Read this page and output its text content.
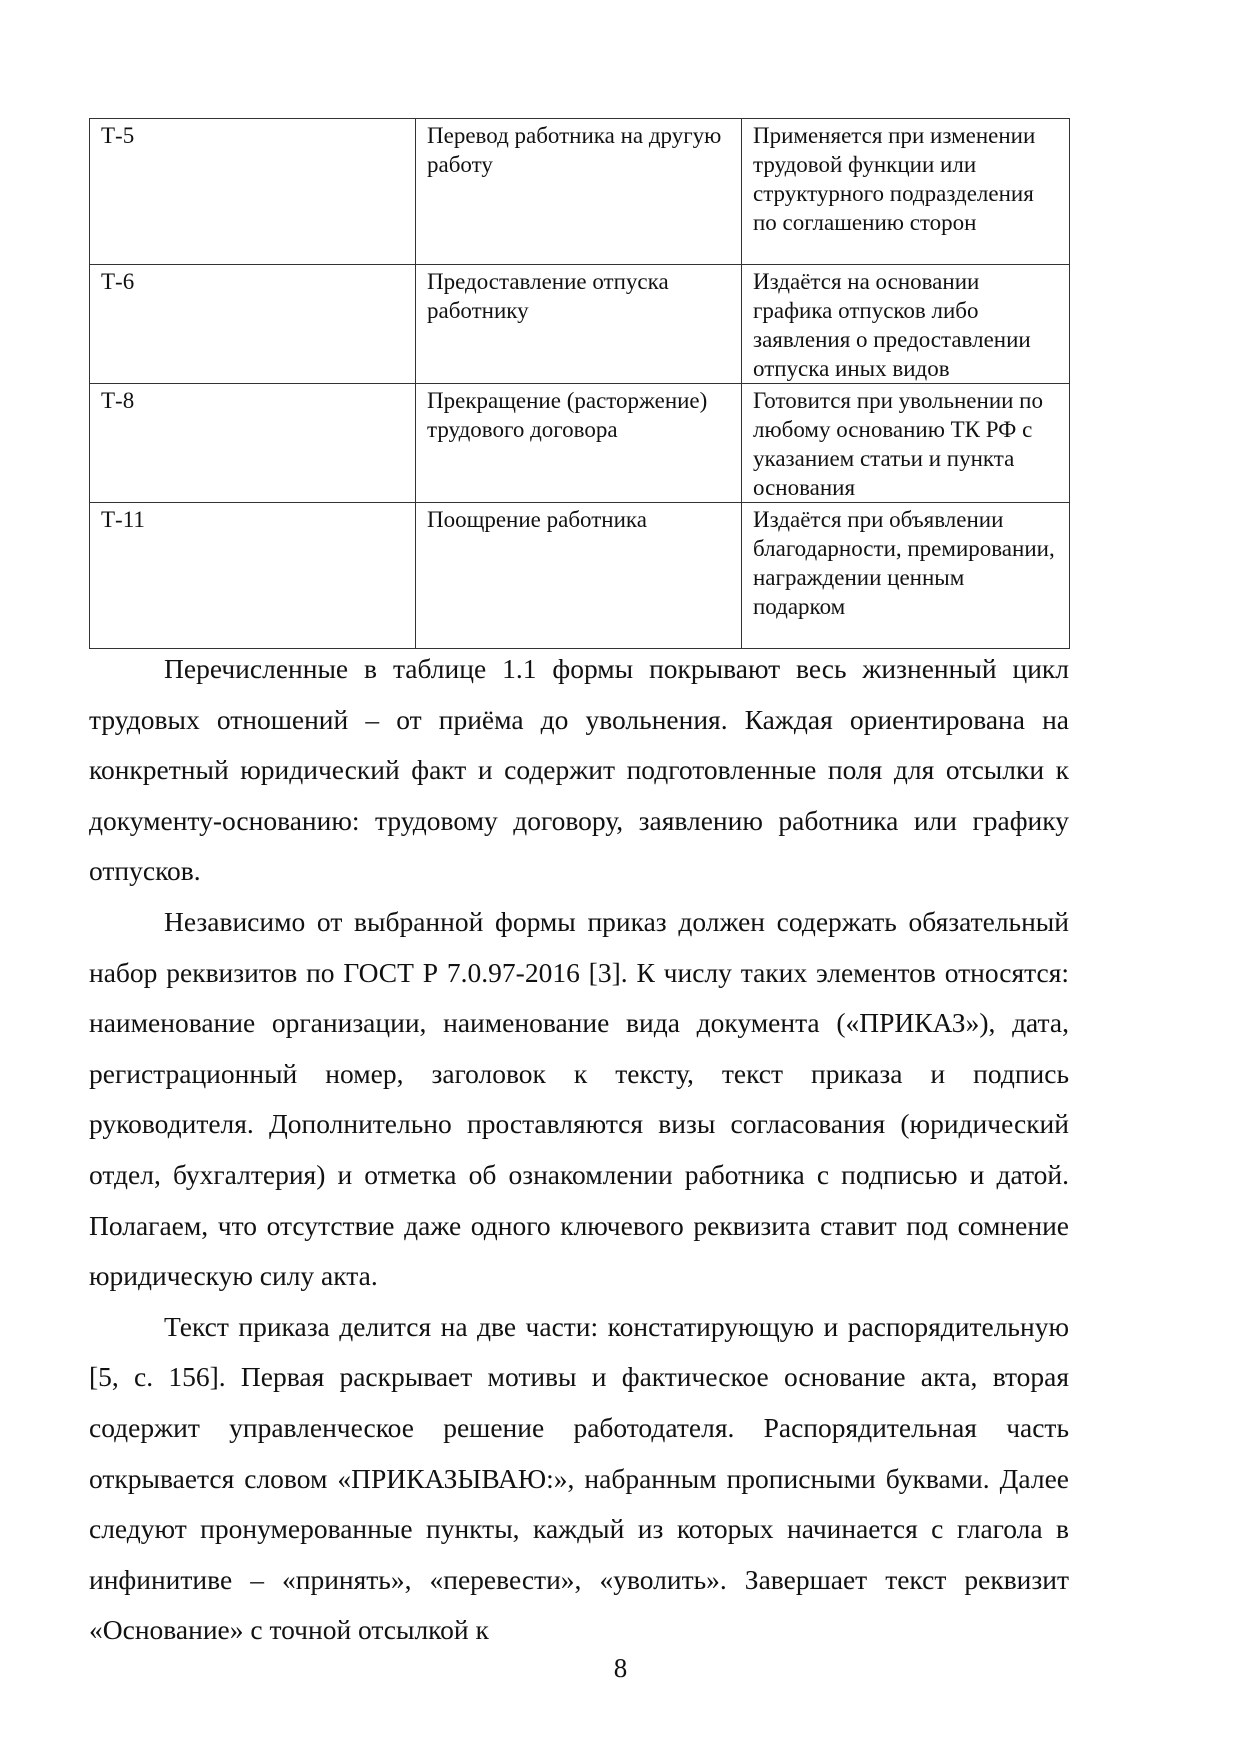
Т-5	Перевод работника на другую работу	Применяется при изменении трудовой функции или структурного подразделения по соглашению сторон
Т-6	Предоставление отпуска работнику	Издаётся на основании графика отпусков либо заявления о предоставлении отпуска иных видов
Т-8	Прекращение (расторжение) трудового договора	Готовится при увольнении по любому основанию ТК РФ с указанием статьи и пункта основания
Т-11	Поощрение работника	Издаётся при объявлении благодарности, премировании, награждении ценным подарком

Перечисленные в таблице 1.1 формы покрывают весь жизненный цикл трудовых отношений – от приёма до увольнения. Каждая ориентирована на конкретный юридический факт и содержит подготовленные поля для отсылки к документу-основанию: трудовому договору, заявлению работника или графику отпусков.

Независимо от выбранной формы приказ должен содержать обязательный набор реквизитов по ГОСТ Р 7.0.97-2016 [3]. К числу таких элементов относятся: наименование организации, наименование вида документа («ПРИКАЗ»), дата, регистрационный номер, заголовок к тексту, текст приказа и подпись руководителя. Дополнительно проставляются визы согласования (юридический отдел, бухгалтерия) и отметка об ознакомлении работника с подписью и датой. Полагаем, что отсутствие даже одного ключевого реквизита ставит под сомнение юридическую силу акта.

Текст приказа делится на две части: констатирующую и распорядительную [5, с. 156]. Первая раскрывает мотивы и фактическое основание акта, вторая содержит управленческое решение работодателя. Распорядительная часть открывается словом «ПРИКАЗЫВАЮ:», набранным прописными буквами. Далее следуют пронумерованные пункты, каждый из которых начинается с глагола в инфинитиве – «принять», «перевести», «уволить». Завершает текст реквизит «Основание» с точной отсылкой к

8
